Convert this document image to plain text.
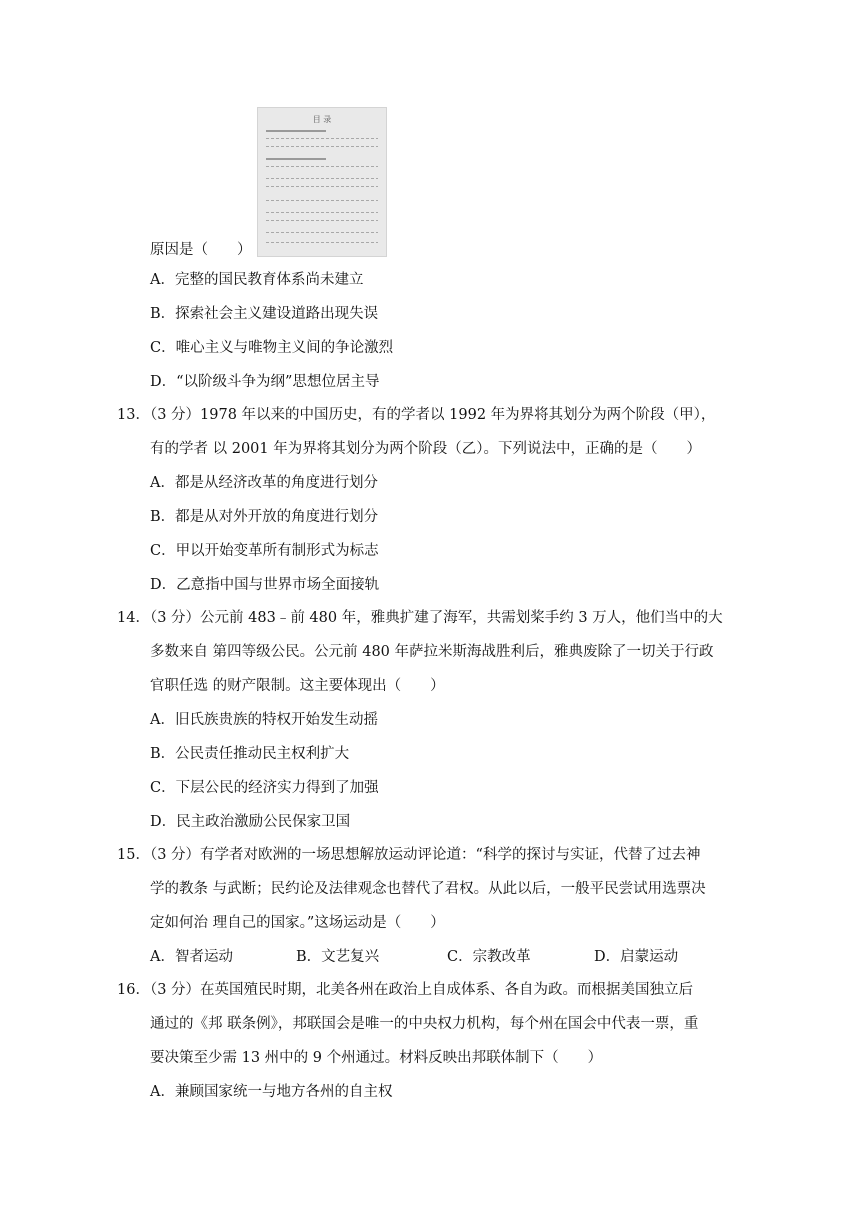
目 录
原因是（　　）
A．完整的国民教育体系尚未建立
B．探索社会主义建设道路出现失误
C．唯心主义与唯物主义间的争论激烈
D．“以阶级斗争为纲”思想位居主导
13．（3 分）1978 年以来的中国历史，有的学者以 1992 年为界将其划分为两个阶段（甲），
有的学者 以 2001 年为界将其划分为两个阶段（乙）。下列说法中，正确的是（　　）
A．都是从经济改革的角度进行划分
B．都是从对外开放的角度进行划分
C．甲以开始变革所有制形式为标志
D．乙意指中国与世界市场全面接轨
14．（3 分）公元前 483﹣前 480 年，雅典扩建了海军，共需划桨手约 3 万人，他们当中的大
多数来自 第四等级公民。公元前 480 年萨拉米斯海战胜利后，雅典废除了一切关于行政
官职任选 的财产限制。这主要体现出（　　）
A．旧氏族贵族的特权开始发生动摇
B．公民责任推动民主权利扩大
C．下层公民的经济实力得到了加强
D．民主政治激励公民保家卫国
15．（3 分）有学者对欧洲的一场思想解放运动评论道：“科学的探讨与实证，代替了过去神
学的教条 与武断；民约论及法律观念也替代了君权。从此以后，一般平民尝试用选票决
定如何治 理自己的国家。”这场运动是（　　）
A．智者运动	B．文艺复兴	C．宗教改革	D．启蒙运动
16．（3 分）在英国殖民时期，北美各州在政治上自成体系、各自为政。而根据美国独立后
通过的《邦 联条例》，邦联国会是唯一的中央权力机构，每个州在国会中代表一票，重
要决策至少需 13 州中的 9 个州通过。材料反映出邦联体制下（　　）
A．兼顾国家统一与地方各州的自主权
